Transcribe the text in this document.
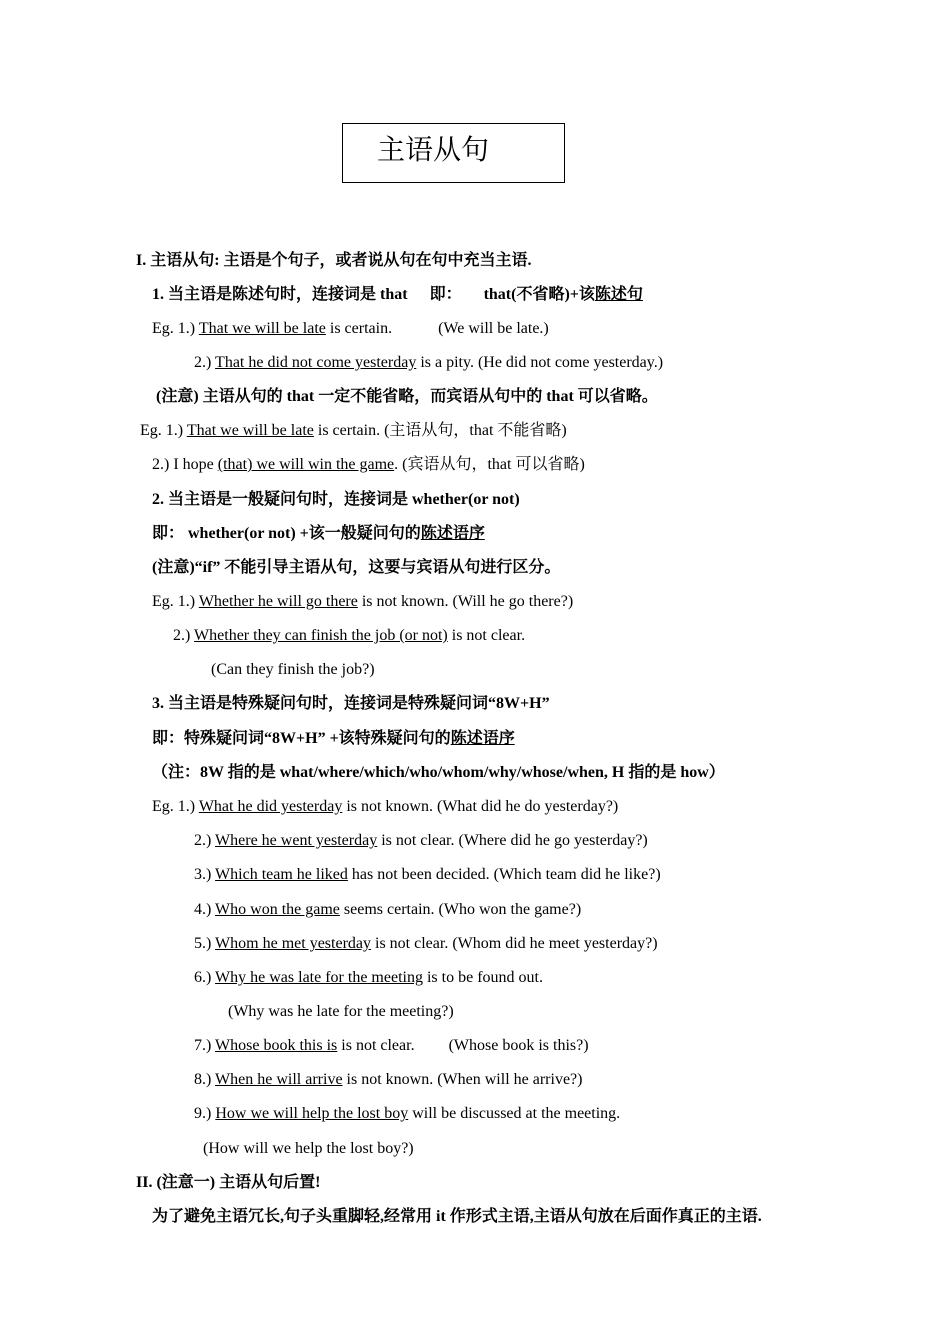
主语从句
I. 主语从句: 主语是个句子，或者说从句在句中充当主语.
1. 当主语是陈述句时，连接词是 that 即： that(不省略)+该陈述句
Eg. 1.) That we will be late is certain.	(We will be late.)
2.) That he did not come yesterday is a pity. (He did not come yesterday.)
(注意) 主语从句的 that 一定不能省略，而宾语从句中的 that 可以省略。
Eg. 1.) That we will be late is certain. (主语从句，that 不能省略)
2.) I hope (that) we will win the game. (宾语从句，that 可以省略)
2. 当主语是一般疑问句时，连接词是 whether(or not)
即： whether(or not) +该一般疑问句的陈述语序
(注意)“if” 不能引导主语从句，这要与宾语从句进行区分。
Eg. 1.) Whether he will go there is not known. (Will he go there?)
2.) Whether they can finish the job (or not) is not clear.
(Can they finish the job?)
3. 当主语是特殊疑问句时，连接词是特殊疑问词“8W+H”
即：特殊疑问词“8W+H” +该特殊疑问句的陈述语序
（注：8W 指的是 what/where/which/who/whom/why/whose/when, H 指的是 how）
Eg. 1.) What he did yesterday is not known. (What did he do yesterday?)
2.) Where he went yesterday is not clear. (Where did he go yesterday?)
3.) Which team he liked has not been decided. (Which team did he like?)
4.) Who won the game seems certain. (Who won the game?)
5.) Whom he met yesterday is not clear. (Whom did he meet yesterday?)
6.) Why he was late for the meeting is to be found out.
(Why was he late for the meeting?)
7.) Whose book this is is not clear. (Whose book is this?)
8.) When he will arrive is not known. (When will he arrive?)
9.) How we will help the lost boy will be discussed at the meeting.
(How will we help the lost boy?)
II. (注意一) 主语从句后置!
为了避免主语冗长,句子头重脚轻,经常用 it 作形式主语,主语从句放在后面作真正的主语.
